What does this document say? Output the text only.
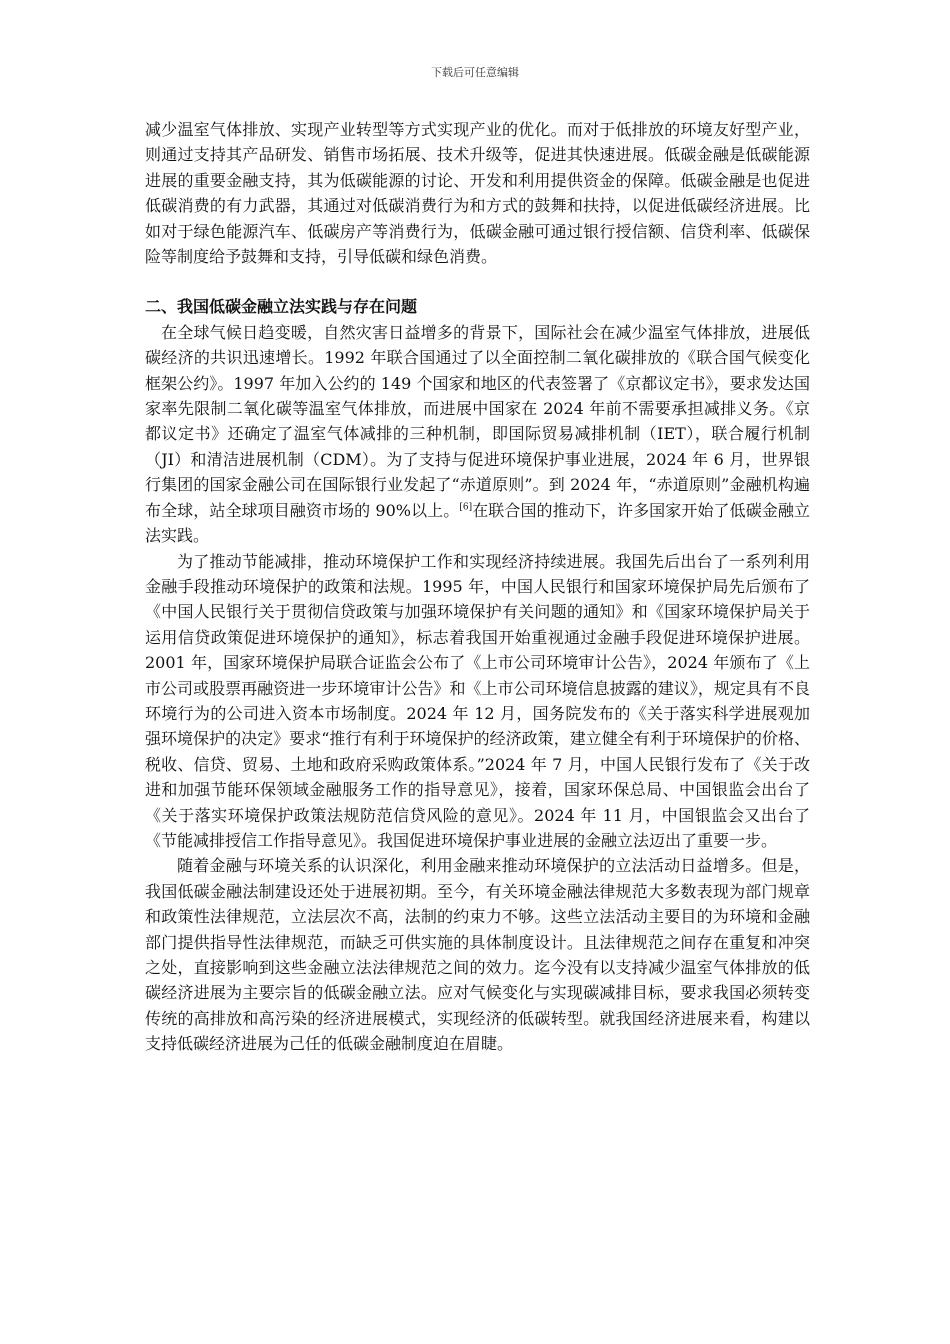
下载后可任意编辑

减少温室气体排放、实现产业转型等方式实现产业的优化。而对于低排放的环境友好型产业，则通过支持其产品研发、销售市场拓展、技术升级等，促进其快速进展。低碳金融是低碳能源进展的重要金融支持，其为低碳能源的讨论、开发和利用提供资金的保障。低碳金融是也促进低碳消费的有力武器，其通过对低碳消费行为和方式的鼓舞和扶持，以促进低碳经济进展。比如对于绿色能源汽车、低碳房产等消费行为，低碳金融可通过银行授信额、信贷利率、低碳保险等制度给予鼓舞和支持，引导低碳和绿色消费。

二、我国低碳金融立法实践与存在问题

在全球气候日趋变暖，自然灾害日益增多的背景下，国际社会在减少温室气体排放，进展低碳经济的共识迅速增长。1992 年联合国通过了以全面控制二氧化碳排放的《联合国气候变化框架公约》。1997 年加入公约的 149 个国家和地区的代表签署了《京都议定书》，要求发达国家率先限制二氧化碳等温室气体排放，而进展中国家在 2024 年前不需要承担减排义务。《京都议定书》还确定了温室气体减排的三种机制，即国际贸易减排机制（IET），联合履行机制（JI）和清洁进展机制（CDM）。为了支持与促进环境保护事业进展，2024 年 6 月，世界银行集团的国家金融公司在国际银行业发起了“赤道原则”。到 2024 年，“赤道原则”金融机构遍布全球，站全球项目融资市场的 90%以上。[6]在联合国的推动下，许多国家开始了低碳金融立法实践。

为了推动节能减排，推动环境保护工作和实现经济持续进展。我国先后出台了一系列利用金融手段推动环境保护的政策和法规。1995 年，中国人民银行和国家环境保护局先后颁布了《中国人民银行关于贯彻信贷政策与加强环境保护有关问题的通知》和《国家环境保护局关于运用信贷政策促进环境保护的通知》，标志着我国开始重视通过金融手段促进环境保护进展。2001 年，国家环境保护局联合证监会公布了《上市公司环境审计公告》，2024 年颁布了《上市公司或股票再融资进一步环境审计公告》和《上市公司环境信息披露的建议》，规定具有不良环境行为的公司进入资本市场制度。2024 年 12 月，国务院发布的《关于落实科学进展观加强环境保护的决定》要求“推行有利于环境保护的经济政策，建立健全有利于环境保护的价格、税收、信贷、贸易、土地和政府采购政策体系。”2024 年 7 月，中国人民银行发布了《关于改进和加强节能环保领域金融服务工作的指导意见》，接着，国家环保总局、中国银监会出台了《关于落实环境保护政策法规防范信贷风险的意见》。2024 年 11 月，中国银监会又出台了《节能减排授信工作指导意见》。我国促进环境保护事业进展的金融立法迈出了重要一步。

随着金融与环境关系的认识深化，利用金融来推动环境保护的立法活动日益增多。但是，我国低碳金融法制建设还处于进展初期。至今，有关环境金融法律规范大多数表现为部门规章和政策性法律规范，立法层次不高，法制的约束力不够。这些立法活动主要目的为环境和金融部门提供指导性法律规范，而缺乏可供实施的具体制度设计。且法律规范之间存在重复和冲突之处，直接影响到这些金融立法法律规范之间的效力。迄今没有以支持减少温室气体排放的低碳经济进展为主要宗旨的低碳金融立法。应对气候变化与实现碳减排目标，要求我国必须转变传统的高排放和高污染的经济进展模式，实现经济的低碳转型。就我国经济进展来看，构建以支持低碳经济进展为己任的低碳金融制度迫在眉睫。
